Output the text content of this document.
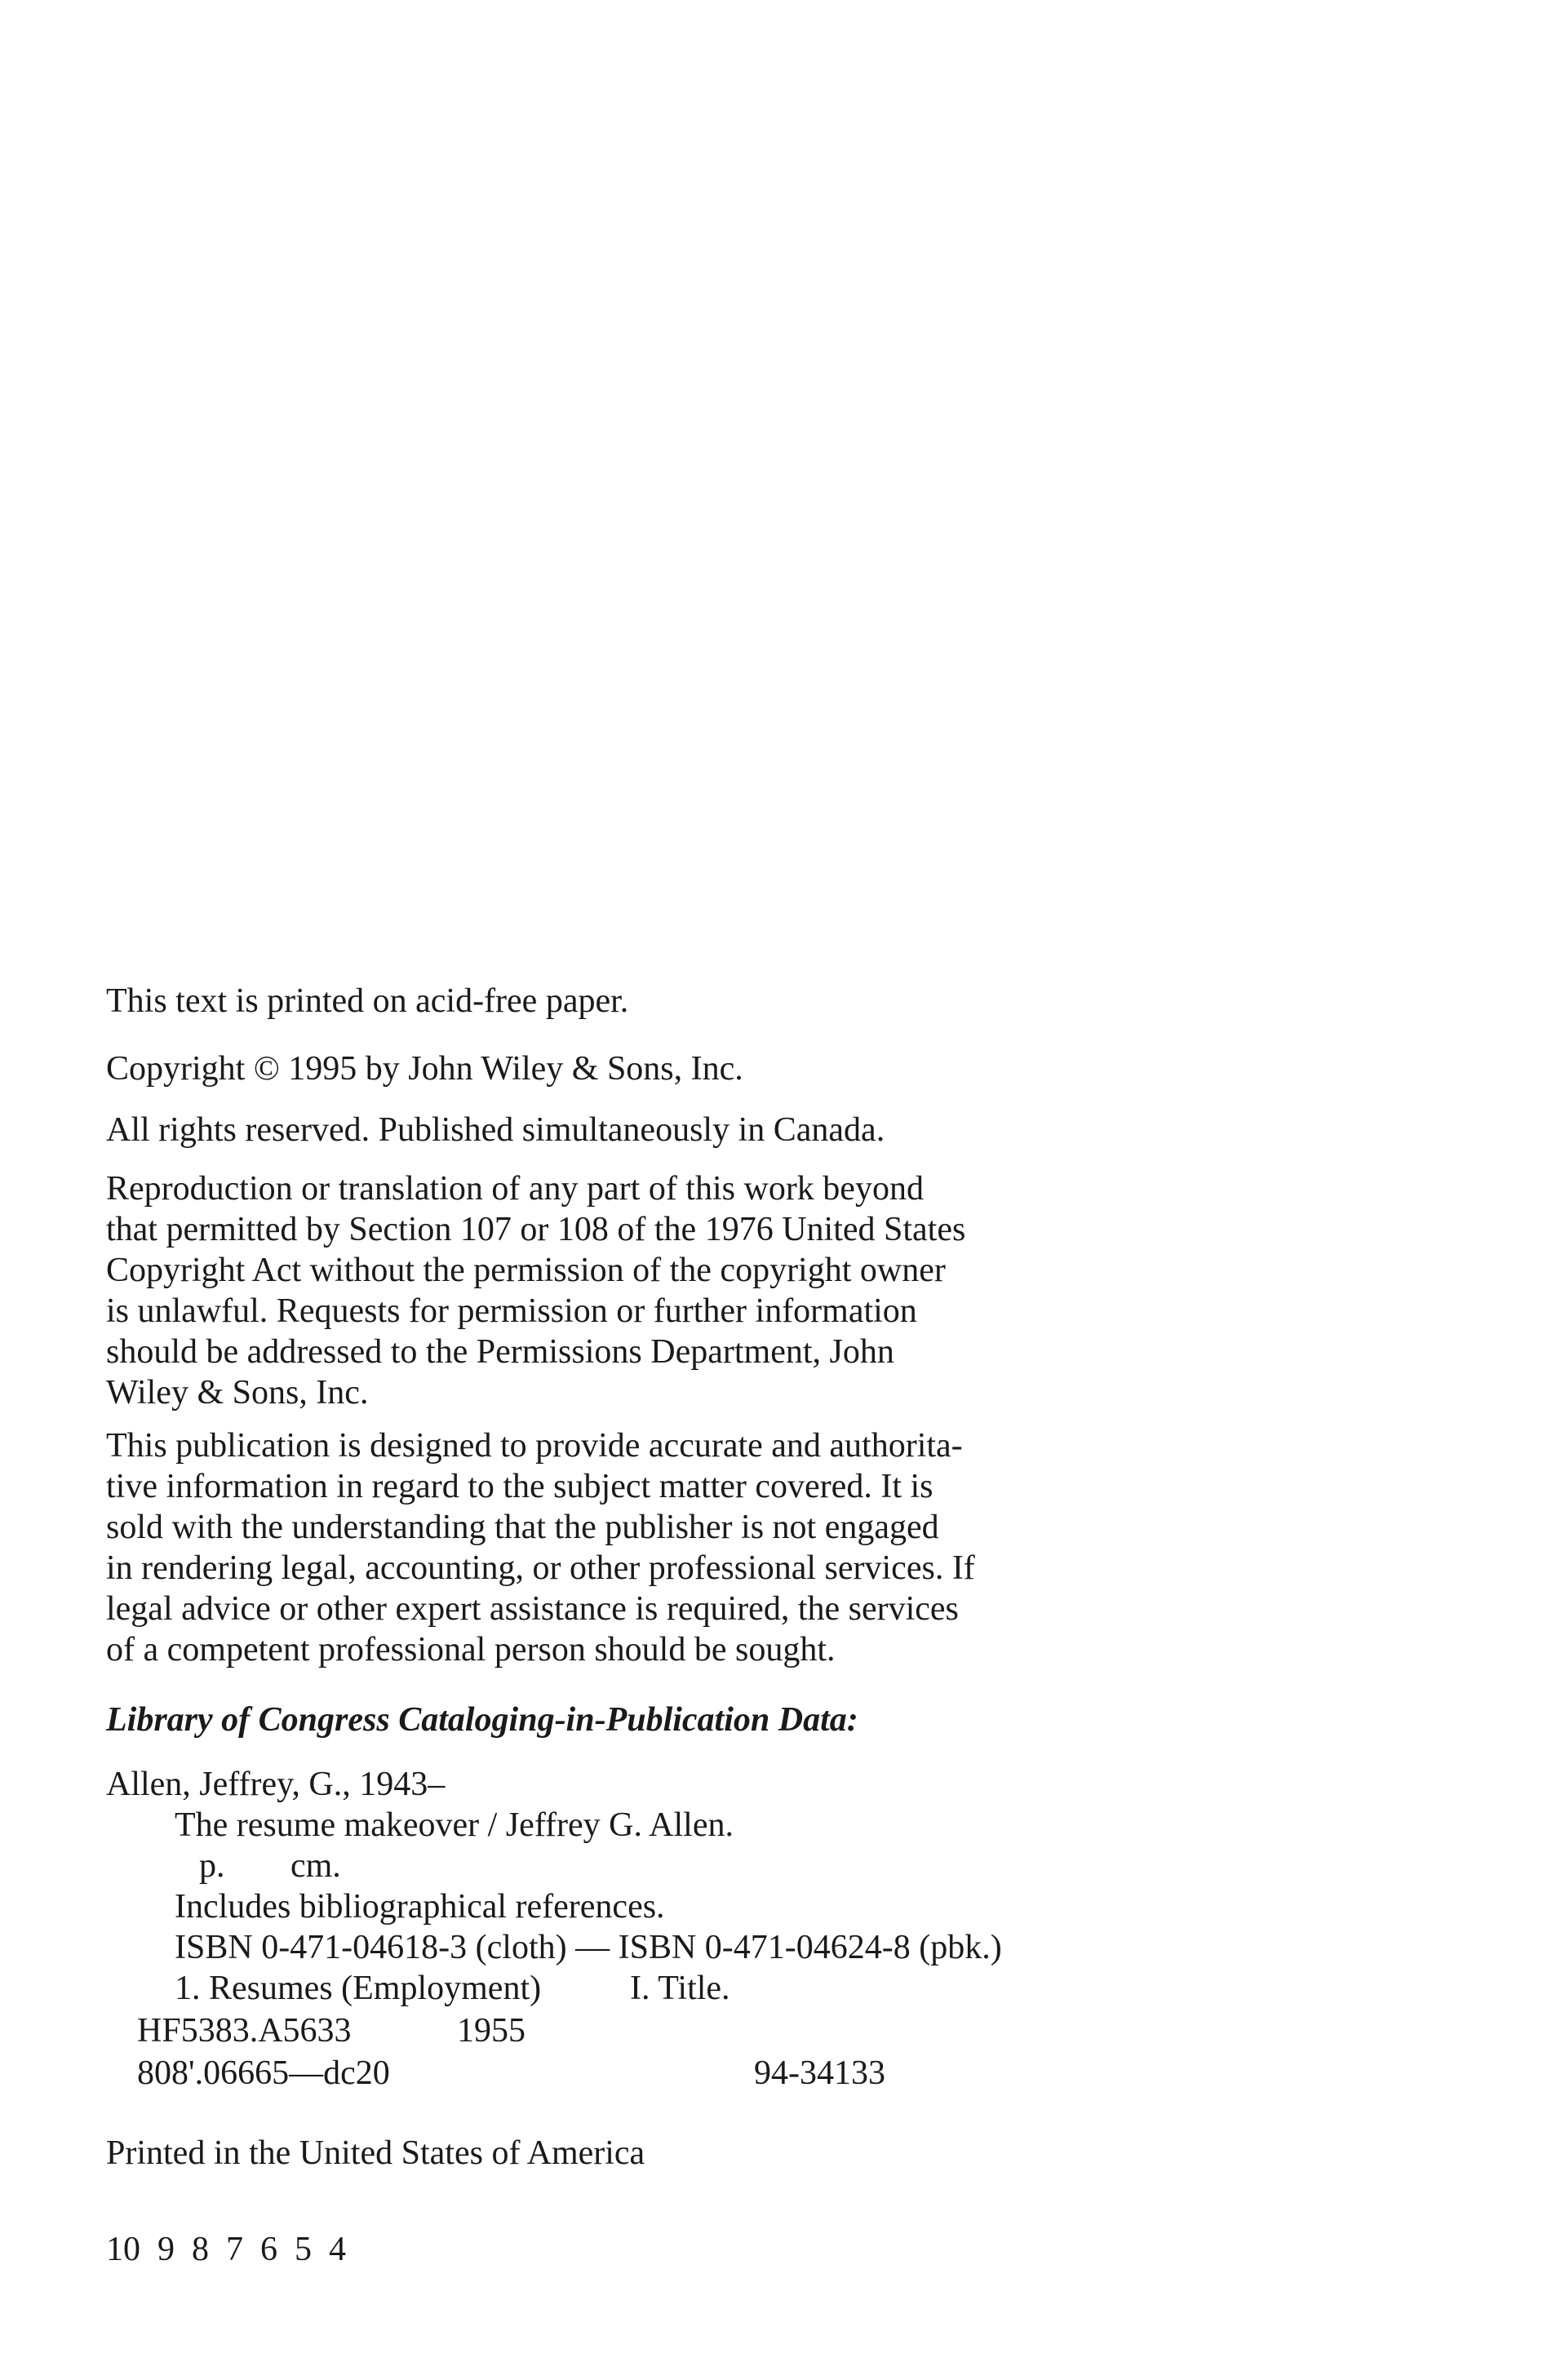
This text is printed on acid-free paper.
Copyright © 1995 by John Wiley & Sons, Inc.
All rights reserved. Published simultaneously in Canada.
Reproduction or translation of any part of this work beyond
that permitted by Section 107 or 108 of the 1976 United States
Copyright Act without the permission of the copyright owner
is unlawful. Requests for permission or further information
should be addressed to the Permissions Department, John
Wiley & Sons, Inc.
This publication is designed to provide accurate and authorita-
tive information in regard to the subject matter covered. It is
sold with the understanding that the publisher is not engaged
in rendering legal, accounting, or other professional services. If
legal advice or other expert assistance is required, the services
of a competent professional person should be sought.
Library of Congress Cataloging-in-Publication Data:
Allen, Jeffrey, G., 1943–
The resume makeover / Jeffrey G. Allen.
p. cm.
Includes bibliographical references.
ISBN 0-471-04618-3 (cloth) — ISBN 0-471-04624-8 (pbk.)
1. Resumes (Employment)	I. Title.
HF5383.A5633	1955
808'.06665—dc20	94-34133
Printed in the United States of America
10  9  8  7  6  5  4
